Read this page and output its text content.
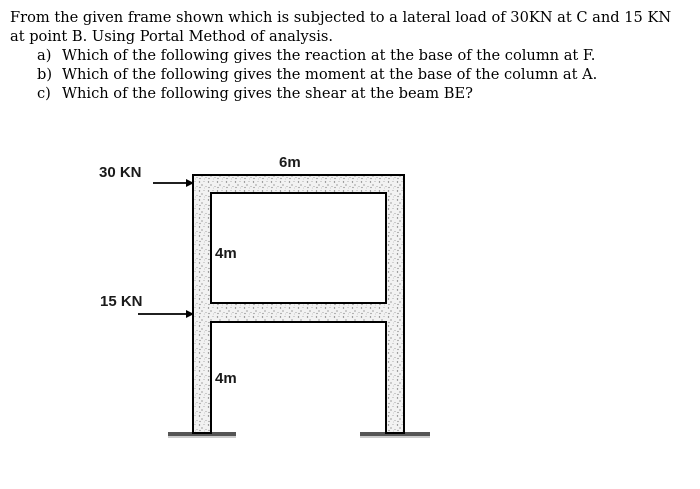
From the given frame shown which is subjected to a lateral load of 30KN at C and 15 KN at point B. Using Portal Method of analysis.

a) Which of the following gives the reaction at the base of the column at F.
b) Which of the following gives the moment at the base of the column at A.
c) Which of the following gives the shear at the beam BE?
30 KN
15 KN
6m
4m
4m
